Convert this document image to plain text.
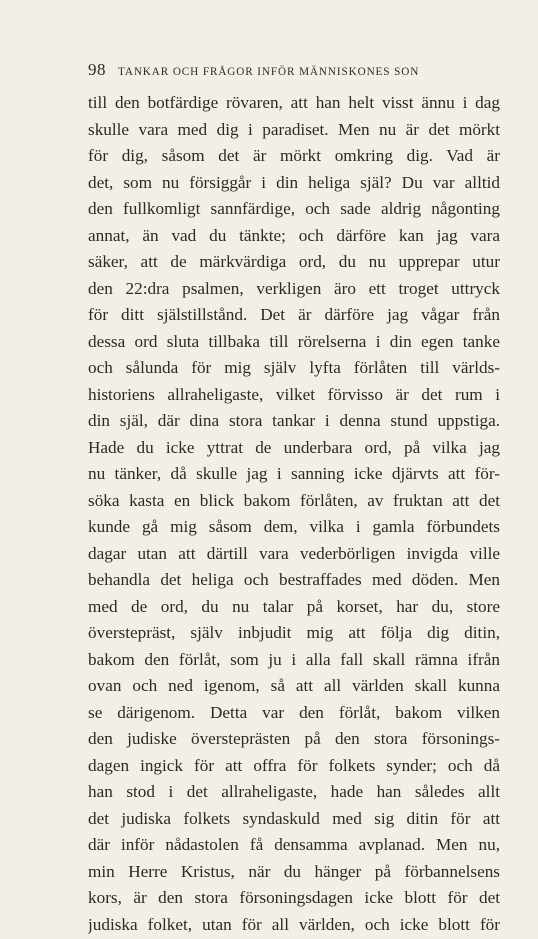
98 TANKAR OCH FRÅGOR INFÖR MÄNNISKONES SON
till den botfärdige rövaren, att han helt visst ännu i dag
skulle vara med dig i paradiset. Men nu är det mörkt
för dig, såsom det är mörkt omkring dig. Vad är
det, som nu försiggår i din heliga själ? Du var alltid
den fullkomligt sannfärdige, och sade aldrig någonting
annat, än vad du tänkte; och därföre kan jag vara
säker, att de märkvärdiga ord, du nu upprepar utur
den 22:dra psalmen, verkligen äro ett troget uttryck
för ditt själstillstånd. Det är därföre jag vågar från
dessa ord sluta tillbaka till rörelserna i din egen tanke
och sålunda för mig själv lyfta förlåten till världs-
historiens allraheligaste, vilket förvisso är det rum i
din själ, där dina stora tankar i denna stund uppstiga.
Hade du icke yttrat de underbara ord, på vilka jag
nu tänker, då skulle jag i sanning icke djärvts att för-
söka kasta en blick bakom förlåten, av fruktan att det
kunde gå mig såsom dem, vilka i gamla förbundets
dagar utan att därtill vara vederbörligen invigda ville
behandla det heliga och bestraffades med döden. Men
med de ord, du nu talar på korset, har du, store
överstepräst, själv inbjudit mig att följa dig ditin,
bakom den förlåt, som ju i alla fall skall rämna ifrån
ovan och ned igenom, så att all världen skall kunna
se därigenom. Detta var den förlåt, bakom vilken
den judiske översteprästen på den stora försonings-
dagen ingick för att offra för folkets synder; och då
han stod i det allraheligaste, hade han således allt
det judiska folkets syndaskuld med sig ditin för att
där inför nådastolen få densamma avplanad. Men nu,
min Herre Kristus, när du hänger på förbannelsens
kors, är den stora försoningsdagen icke blott för det
judiska folket, utan för all världen, och icke blott för
